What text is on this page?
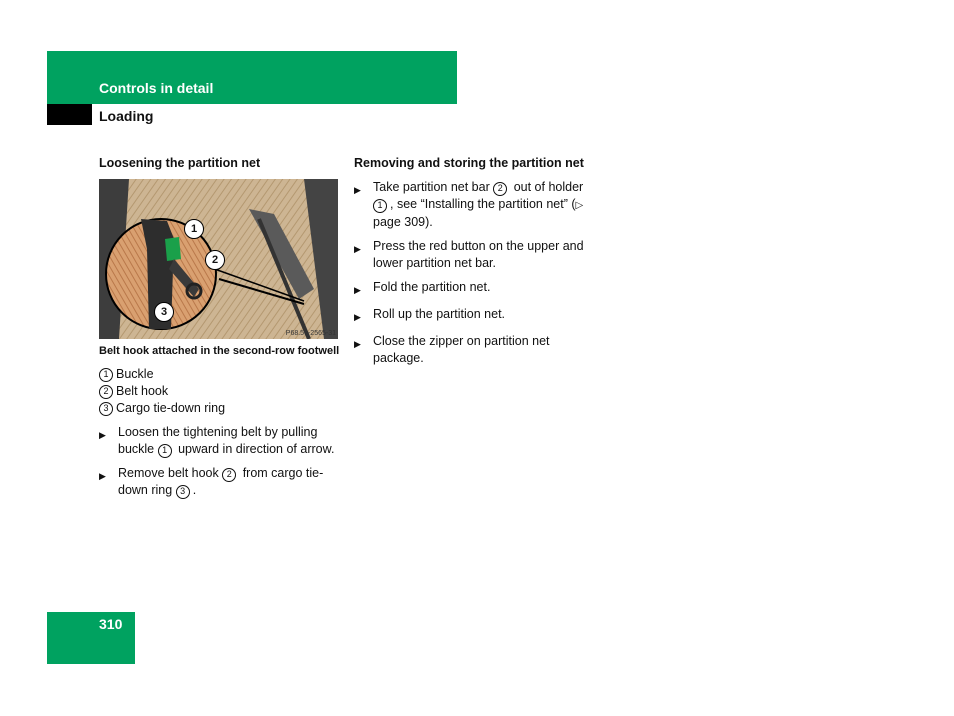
Controls in detail
Loading
Loosening the partition net
1
2
3
P68.50-2565-31
Belt hook attached in the second-row footwell
1 Buckle
2 Belt hook
3 Cargo tie-down ring
▶ Loosen the tightening belt by pulling buckle 1 upward in direction of arrow.
▶ Remove belt hook 2 from cargo tie-down ring 3 .
Removing and storing the partition net
▶ Take partition net bar 2 out of holder 1 , see “Installing the partition net” (▷ page 309).
▶ Press the red button on the upper and lower partition net bar.
▶ Fold the partition net.
▶ Roll up the partition net.
▶ Close the zipper on partition net package.
310
